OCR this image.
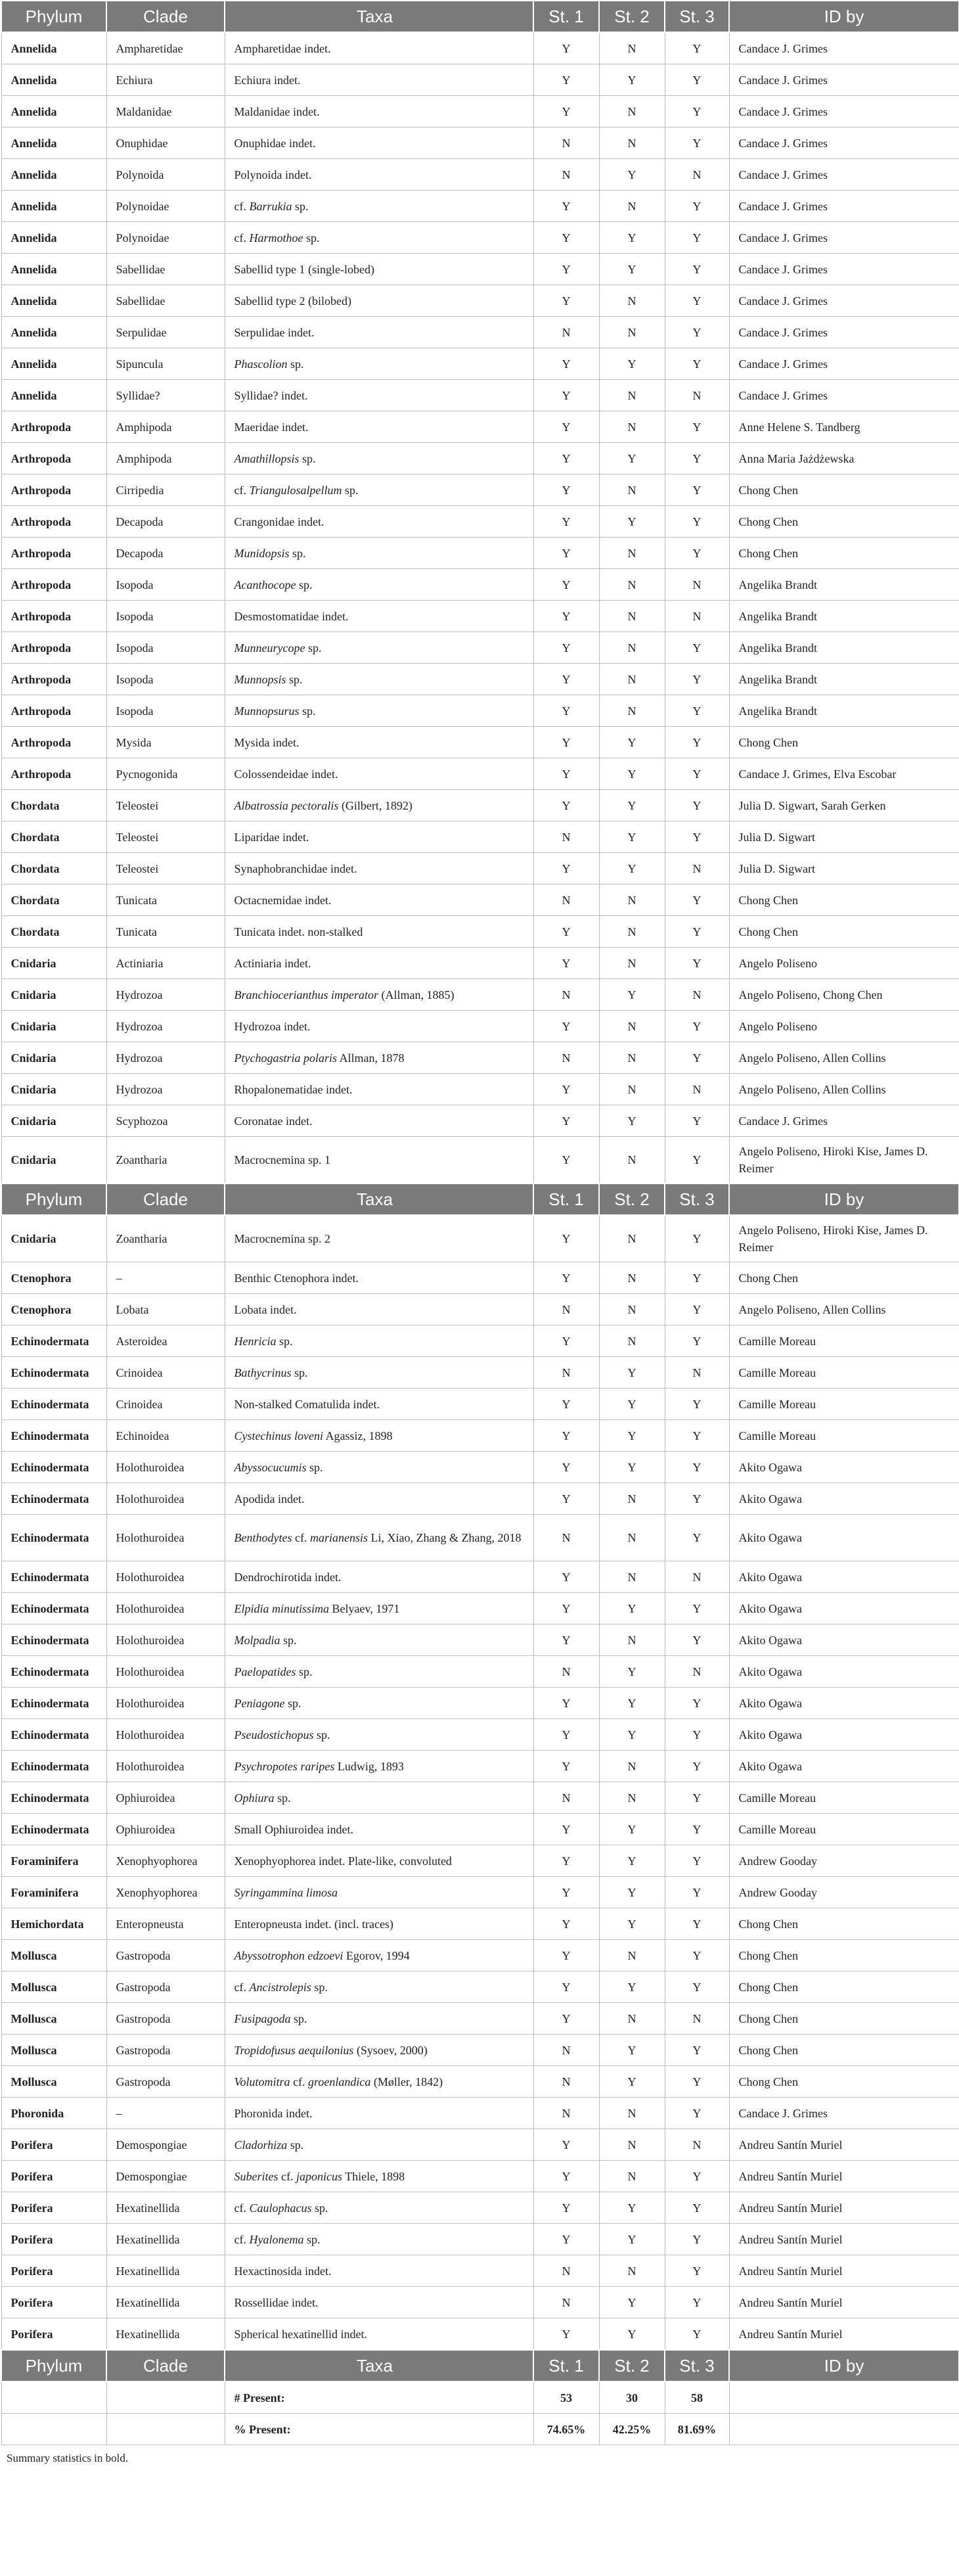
Phylum	Clade	Taxa	St. 1	St. 2	St. 3	ID by
Annelida	Ampharetidae	Ampharetidae indet.	Y	N	Y	Candace J. Grimes
Annelida	Echiura	Echiura indet.	Y	Y	Y	Candace J. Grimes
Annelida	Maldanidae	Maldanidae indet.	Y	N	Y	Candace J. Grimes
Annelida	Onuphidae	Onuphidae indet.	N	N	Y	Candace J. Grimes
Annelida	Polynoida	Polynoida indet.	N	Y	N	Candace J. Grimes
Annelida	Polynoidae	cf. Barrukia sp.	Y	N	Y	Candace J. Grimes
Annelida	Polynoidae	cf. Harmothoe sp.	Y	Y	Y	Candace J. Grimes
Annelida	Sabellidae	Sabellid type 1 (single-lobed)	Y	Y	Y	Candace J. Grimes
Annelida	Sabellidae	Sabellid type 2 (bilobed)	Y	N	Y	Candace J. Grimes
Annelida	Serpulidae	Serpulidae indet.	N	N	Y	Candace J. Grimes
Annelida	Sipuncula	Phascolion sp.	Y	Y	Y	Candace J. Grimes
Annelida	Syllidae?	Syllidae? indet.	Y	N	N	Candace J. Grimes
Arthropoda	Amphipoda	Maeridae indet.	Y	N	Y	Anne Helene S. Tandberg
Arthropoda	Amphipoda	Amathillopsis sp.	Y	Y	Y	Anna Maria Jażdżewska
Arthropoda	Cirripedia	cf. Triangulosalpellum sp.	Y	N	Y	Chong Chen
Arthropoda	Decapoda	Crangonidae indet.	Y	Y	Y	Chong Chen
Arthropoda	Decapoda	Munidopsis sp.	Y	N	Y	Chong Chen
Arthropoda	Isopoda	Acanthocope sp.	Y	N	N	Angelika Brandt
Arthropoda	Isopoda	Desmostomatidae indet.	Y	N	N	Angelika Brandt
Arthropoda	Isopoda	Munneurycope sp.	Y	N	Y	Angelika Brandt
Arthropoda	Isopoda	Munnopsis sp.	Y	N	Y	Angelika Brandt
Arthropoda	Isopoda	Munnopsurus sp.	Y	N	Y	Angelika Brandt
Arthropoda	Mysida	Mysida indet.	Y	Y	Y	Chong Chen
Arthropoda	Pycnogonida	Colossendeidae indet.	Y	Y	Y	Candace J. Grimes, Elva Escobar
Chordata	Teleostei	Albatrossia pectoralis (Gilbert, 1892)	Y	Y	Y	Julia D. Sigwart, Sarah Gerken
Chordata	Teleostei	Liparidae indet.	N	Y	Y	Julia D. Sigwart
Chordata	Teleostei	Synaphobranchidae indet.	Y	Y	N	Julia D. Sigwart
Chordata	Tunicata	Octacnemidae indet.	N	N	Y	Chong Chen
Chordata	Tunicata	Tunicata indet. non-stalked	Y	N	Y	Chong Chen
Cnidaria	Actiniaria	Actiniaria indet.	Y	N	Y	Angelo Poliseno
Cnidaria	Hydrozoa	Branchiocerianthus imperator (Allman, 1885)	N	Y	N	Angelo Poliseno, Chong Chen
Cnidaria	Hydrozoa	Hydrozoa indet.	Y	N	Y	Angelo Poliseno
Cnidaria	Hydrozoa	Ptychogastria polaris Allman, 1878	N	N	Y	Angelo Poliseno, Allen Collins
Cnidaria	Hydrozoa	Rhopalonematidae indet.	Y	N	N	Angelo Poliseno, Allen Collins
Cnidaria	Scyphozoa	Coronatae indet.	Y	Y	Y	Candace J. Grimes
Cnidaria	Zoantharia	Macrocnemina sp. 1	Y	N	Y	Angelo Poliseno, Hiroki Kise, James D. Reimer
Phylum	Clade	Taxa	St. 1	St. 2	St. 3	ID by
Cnidaria	Zoantharia	Macrocnemina sp. 2	Y	N	Y	Angelo Poliseno, Hiroki Kise, James D. Reimer
Ctenophora	–	Benthic Ctenophora indet.	Y	N	Y	Chong Chen
Ctenophora	Lobata	Lobata indet.	N	N	Y	Angelo Poliseno, Allen Collins
Echinodermata	Asteroidea	Henricia sp.	Y	N	Y	Camille Moreau
Echinodermata	Crinoidea	Bathycrinus sp.	N	Y	N	Camille Moreau
Echinodermata	Crinoidea	Non-stalked Comatulida indet.	Y	Y	Y	Camille Moreau
Echinodermata	Echinoidea	Cystechinus loveni Agassiz, 1898	Y	Y	Y	Camille Moreau
Echinodermata	Holothuroidea	Abyssocucumis sp.	Y	Y	Y	Akito Ogawa
Echinodermata	Holothuroidea	Apodida indet.	Y	N	Y	Akito Ogawa
Echinodermata	Holothuroidea	Benthodytes cf. marianensis Li, Xiao, Zhang & Zhang, 2018	N	N	Y	Akito Ogawa
Echinodermata	Holothuroidea	Dendrochirotida indet.	Y	N	N	Akito Ogawa
Echinodermata	Holothuroidea	Elpidia minutissima Belyaev, 1971	Y	Y	Y	Akito Ogawa
Echinodermata	Holothuroidea	Molpadia sp.	Y	N	Y	Akito Ogawa
Echinodermata	Holothuroidea	Paelopatides sp.	N	Y	N	Akito Ogawa
Echinodermata	Holothuroidea	Peniagone sp.	Y	Y	Y	Akito Ogawa
Echinodermata	Holothuroidea	Pseudostichopus sp.	Y	Y	Y	Akito Ogawa
Echinodermata	Holothuroidea	Psychropotes raripes Ludwig, 1893	Y	N	Y	Akito Ogawa
Echinodermata	Ophiuroidea	Ophiura sp.	N	N	Y	Camille Moreau
Echinodermata	Ophiuroidea	Small Ophiuroidea indet.	Y	Y	Y	Camille Moreau
Foraminifera	Xenophyophorea	Xenophyophorea indet. Plate-like, convoluted	Y	Y	Y	Andrew Gooday
Foraminifera	Xenophyophorea	Syringammina limosa	Y	Y	Y	Andrew Gooday
Hemichordata	Enteropneusta	Enteropneusta indet. (incl. traces)	Y	Y	Y	Chong Chen
Mollusca	Gastropoda	Abyssotrophon edzoevi Egorov, 1994	Y	N	Y	Chong Chen
Mollusca	Gastropoda	cf. Ancistrolepis sp.	Y	Y	Y	Chong Chen
Mollusca	Gastropoda	Fusipagoda sp.	Y	N	N	Chong Chen
Mollusca	Gastropoda	Tropidofusus aequilonius (Sysoev, 2000)	N	Y	Y	Chong Chen
Mollusca	Gastropoda	Volutomitra cf. groenlandica (Møller, 1842)	N	Y	Y	Chong Chen
Phoronida	–	Phoronida indet.	N	N	Y	Candace J. Grimes
Porifera	Demospongiae	Cladorhiza sp.	Y	N	N	Andreu Santín Muriel
Porifera	Demospongiae	Suberites cf. japonicus Thiele, 1898	Y	N	Y	Andreu Santín Muriel
Porifera	Hexatinellida	cf. Caulophacus sp.	Y	Y	Y	Andreu Santín Muriel
Porifera	Hexatinellida	cf. Hyalonema sp.	Y	Y	Y	Andreu Santín Muriel
Porifera	Hexatinellida	Hexactinosida indet.	N	N	Y	Andreu Santín Muriel
Porifera	Hexatinellida	Rossellidae indet.	N	Y	Y	Andreu Santín Muriel
Porifera	Hexatinellida	Spherical hexatinellid indet.	Y	Y	Y	Andreu Santín Muriel
Phylum	Clade	Taxa	St. 1	St. 2	St. 3	ID by
		# Present:	53	30	58	
		% Present:	74.65%	42.25%	81.69%	
Summary statistics in bold.
